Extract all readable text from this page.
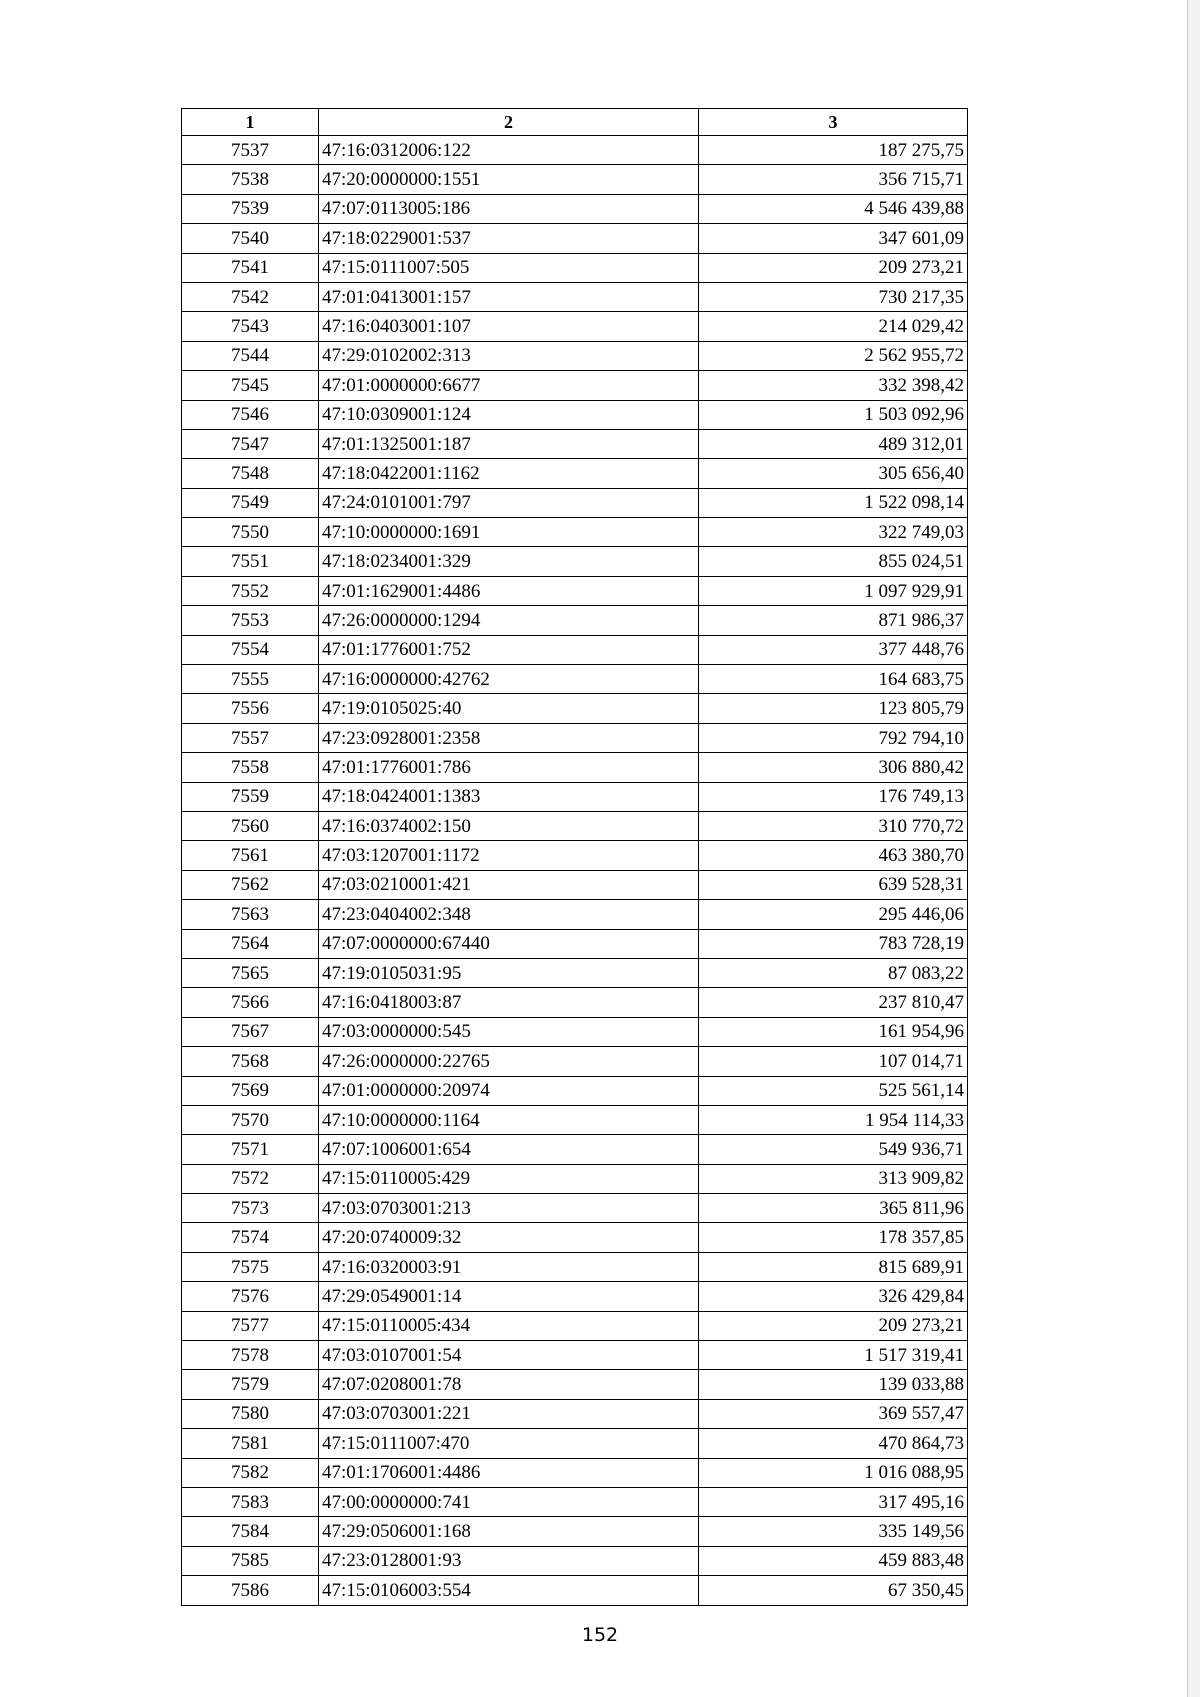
1	2	3
7537	47:16:0312006:122	187 275,75
7538	47:20:0000000:1551	356 715,71
7539	47:07:0113005:186	4 546 439,88
7540	47:18:0229001:537	347 601,09
7541	47:15:0111007:505	209 273,21
7542	47:01:0413001:157	730 217,35
7543	47:16:0403001:107	214 029,42
7544	47:29:0102002:313	2 562 955,72
7545	47:01:0000000:6677	332 398,42
7546	47:10:0309001:124	1 503 092,96
7547	47:01:1325001:187	489 312,01
7548	47:18:0422001:1162	305 656,40
7549	47:24:0101001:797	1 522 098,14
7550	47:10:0000000:1691	322 749,03
7551	47:18:0234001:329	855 024,51
7552	47:01:1629001:4486	1 097 929,91
7553	47:26:0000000:1294	871 986,37
7554	47:01:1776001:752	377 448,76
7555	47:16:0000000:42762	164 683,75
7556	47:19:0105025:40	123 805,79
7557	47:23:0928001:2358	792 794,10
7558	47:01:1776001:786	306 880,42
7559	47:18:0424001:1383	176 749,13
7560	47:16:0374002:150	310 770,72
7561	47:03:1207001:1172	463 380,70
7562	47:03:0210001:421	639 528,31
7563	47:23:0404002:348	295 446,06
7564	47:07:0000000:67440	783 728,19
7565	47:19:0105031:95	87 083,22
7566	47:16:0418003:87	237 810,47
7567	47:03:0000000:545	161 954,96
7568	47:26:0000000:22765	107 014,71
7569	47:01:0000000:20974	525 561,14
7570	47:10:0000000:1164	1 954 114,33
7571	47:07:1006001:654	549 936,71
7572	47:15:0110005:429	313 909,82
7573	47:03:0703001:213	365 811,96
7574	47:20:0740009:32	178 357,85
7575	47:16:0320003:91	815 689,91
7576	47:29:0549001:14	326 429,84
7577	47:15:0110005:434	209 273,21
7578	47:03:0107001:54	1 517 319,41
7579	47:07:0208001:78	139 033,88
7580	47:03:0703001:221	369 557,47
7581	47:15:0111007:470	470 864,73
7582	47:01:1706001:4486	1 016 088,95
7583	47:00:0000000:741	317 495,16
7584	47:29:0506001:168	335 149,56
7585	47:23:0128001:93	459 883,48
7586	47:15:0106003:554	67 350,45
152
